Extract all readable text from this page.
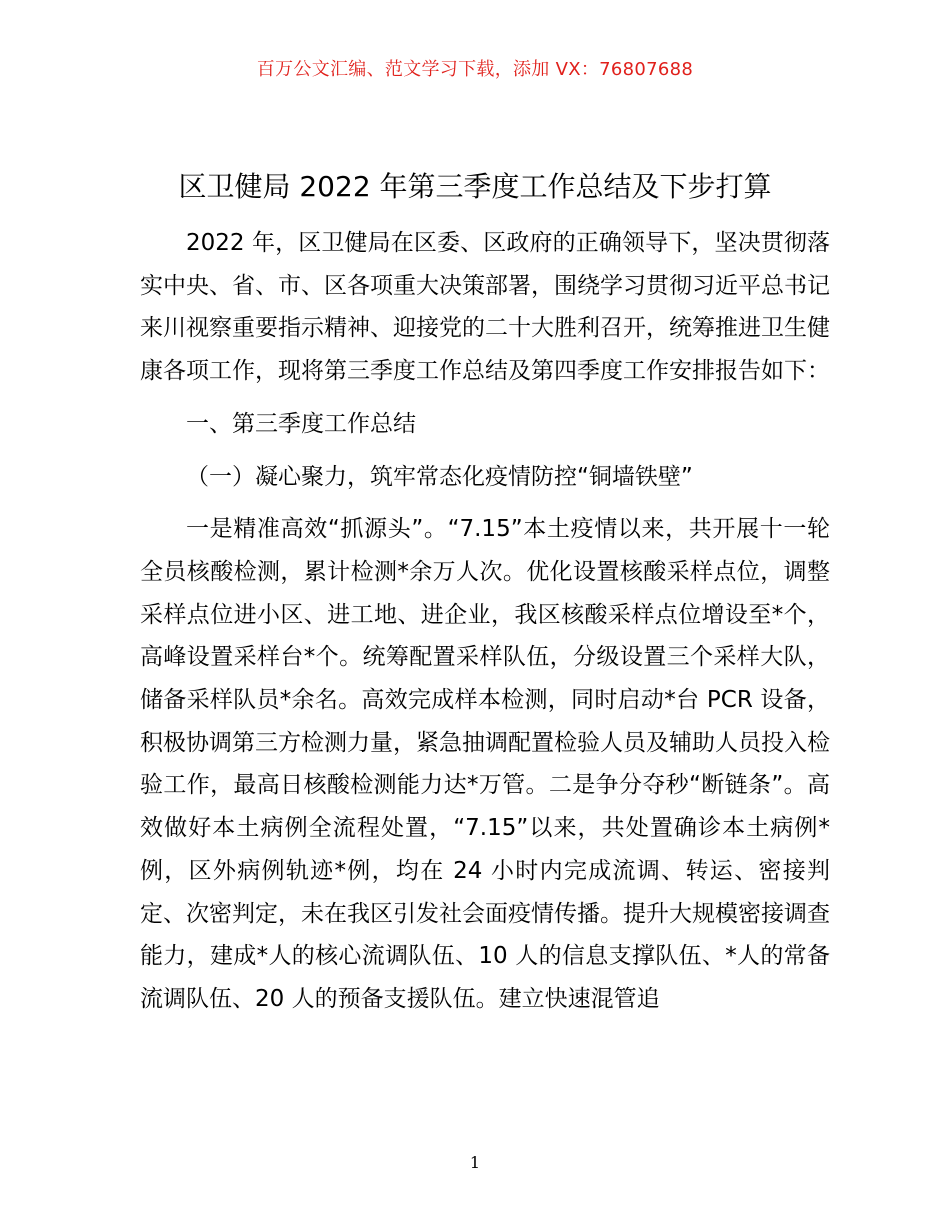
百万公文汇编、范文学习下载，添加 VX：76807688
区卫健局 2022 年第三季度工作总结及下步打算

2022 年，区卫健局在区委、区政府的正确领导下，坚决贯彻落实中央、省、市、区各项重大决策部署，围绕学习贯彻习近平总书记来川视察重要指示精神、迎接党的二十大胜利召开，统筹推进卫生健康各项工作，现将第三季度工作总结及第四季度工作安排报告如下：

一、第三季度工作总结

（一）凝心聚力，筑牢常态化疫情防控“铜墙铁壁”

一是精准高效“抓源头”。“7.15”本土疫情以来，共开展十一轮全员核酸检测，累计检测*余万人次。优化设置核酸采样点位，调整采样点位进小区、进工地、进企业，我区核酸采样点位增设至*个，高峰设置采样台*个。统筹配置采样队伍，分级设置三个采样大队，储备采样队员*余名。高效完成样本检测，同时启动*台 PCR 设备，积极协调第三方检测力量，紧急抽调配置检验人员及辅助人员投入检验工作，最高日核酸检测能力达*万管。二是争分夺秒“断链条”。高效做好本土病例全流程处置，“7.15”以来，共处置确诊本土病例*例，区外病例轨迹*例，均在 24 小时内完成流调、转运、密接判定、次密判定，未在我区引发社会面疫情传播。提升大规模密接调查能力，建成*人的核心流调队伍、10 人的信息支撑队伍、*人的常备流调队伍、20 人的预备支援队伍。建立快速混管追

1
